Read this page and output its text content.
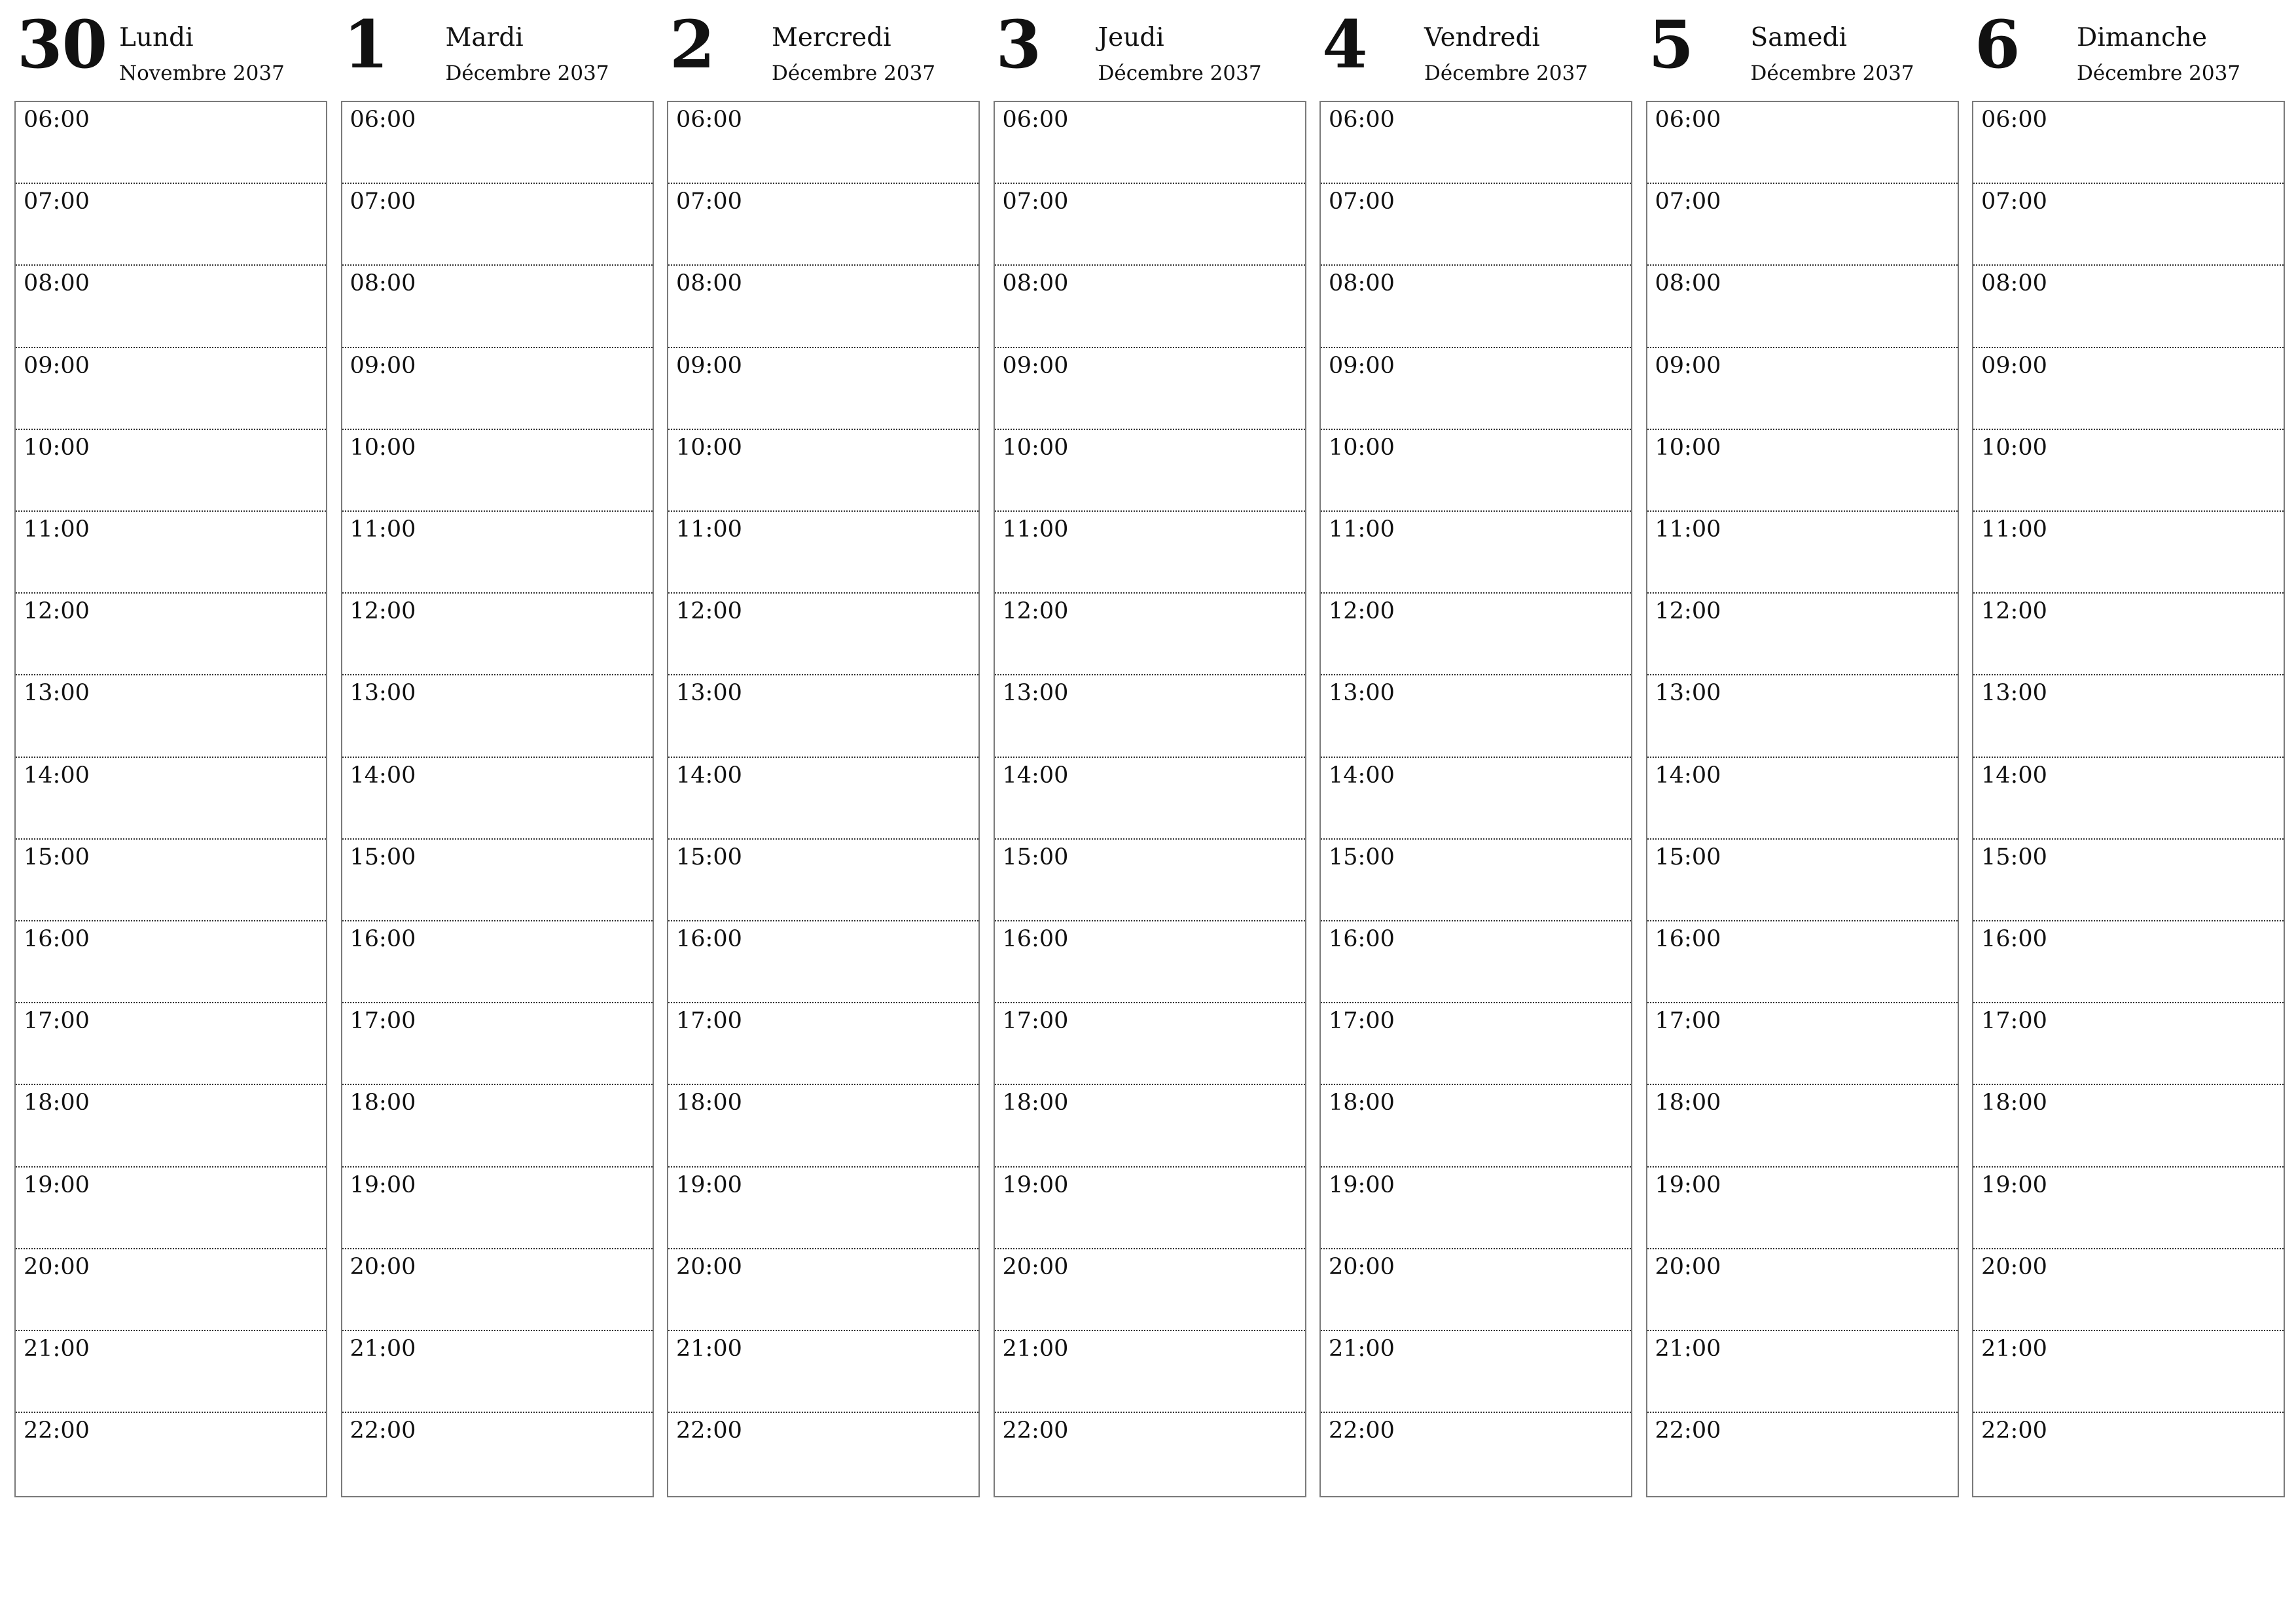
30 Lundi
Novembre 2037
06:00
07:00
08:00
09:00
10:00
11:00
12:00
13:00
14:00
15:00
16:00
17:00
18:00
19:00
20:00
21:00
22:00
1 Mardi
Décembre 2037
06:00
07:00
08:00
09:00
10:00
11:00
12:00
13:00
14:00
15:00
16:00
17:00
18:00
19:00
20:00
21:00
22:00
2 Mercredi
Décembre 2037
06:00
07:00
08:00
09:00
10:00
11:00
12:00
13:00
14:00
15:00
16:00
17:00
18:00
19:00
20:00
21:00
22:00
3 Jeudi
Décembre 2037
06:00
07:00
08:00
09:00
10:00
11:00
12:00
13:00
14:00
15:00
16:00
17:00
18:00
19:00
20:00
21:00
22:00
4 Vendredi
Décembre 2037
06:00
07:00
08:00
09:00
10:00
11:00
12:00
13:00
14:00
15:00
16:00
17:00
18:00
19:00
20:00
21:00
22:00
5 Samedi
Décembre 2037
06:00
07:00
08:00
09:00
10:00
11:00
12:00
13:00
14:00
15:00
16:00
17:00
18:00
19:00
20:00
21:00
22:00
6 Dimanche
Décembre 2037
06:00
07:00
08:00
09:00
10:00
11:00
12:00
13:00
14:00
15:00
16:00
17:00
18:00
19:00
20:00
21:00
22:00
